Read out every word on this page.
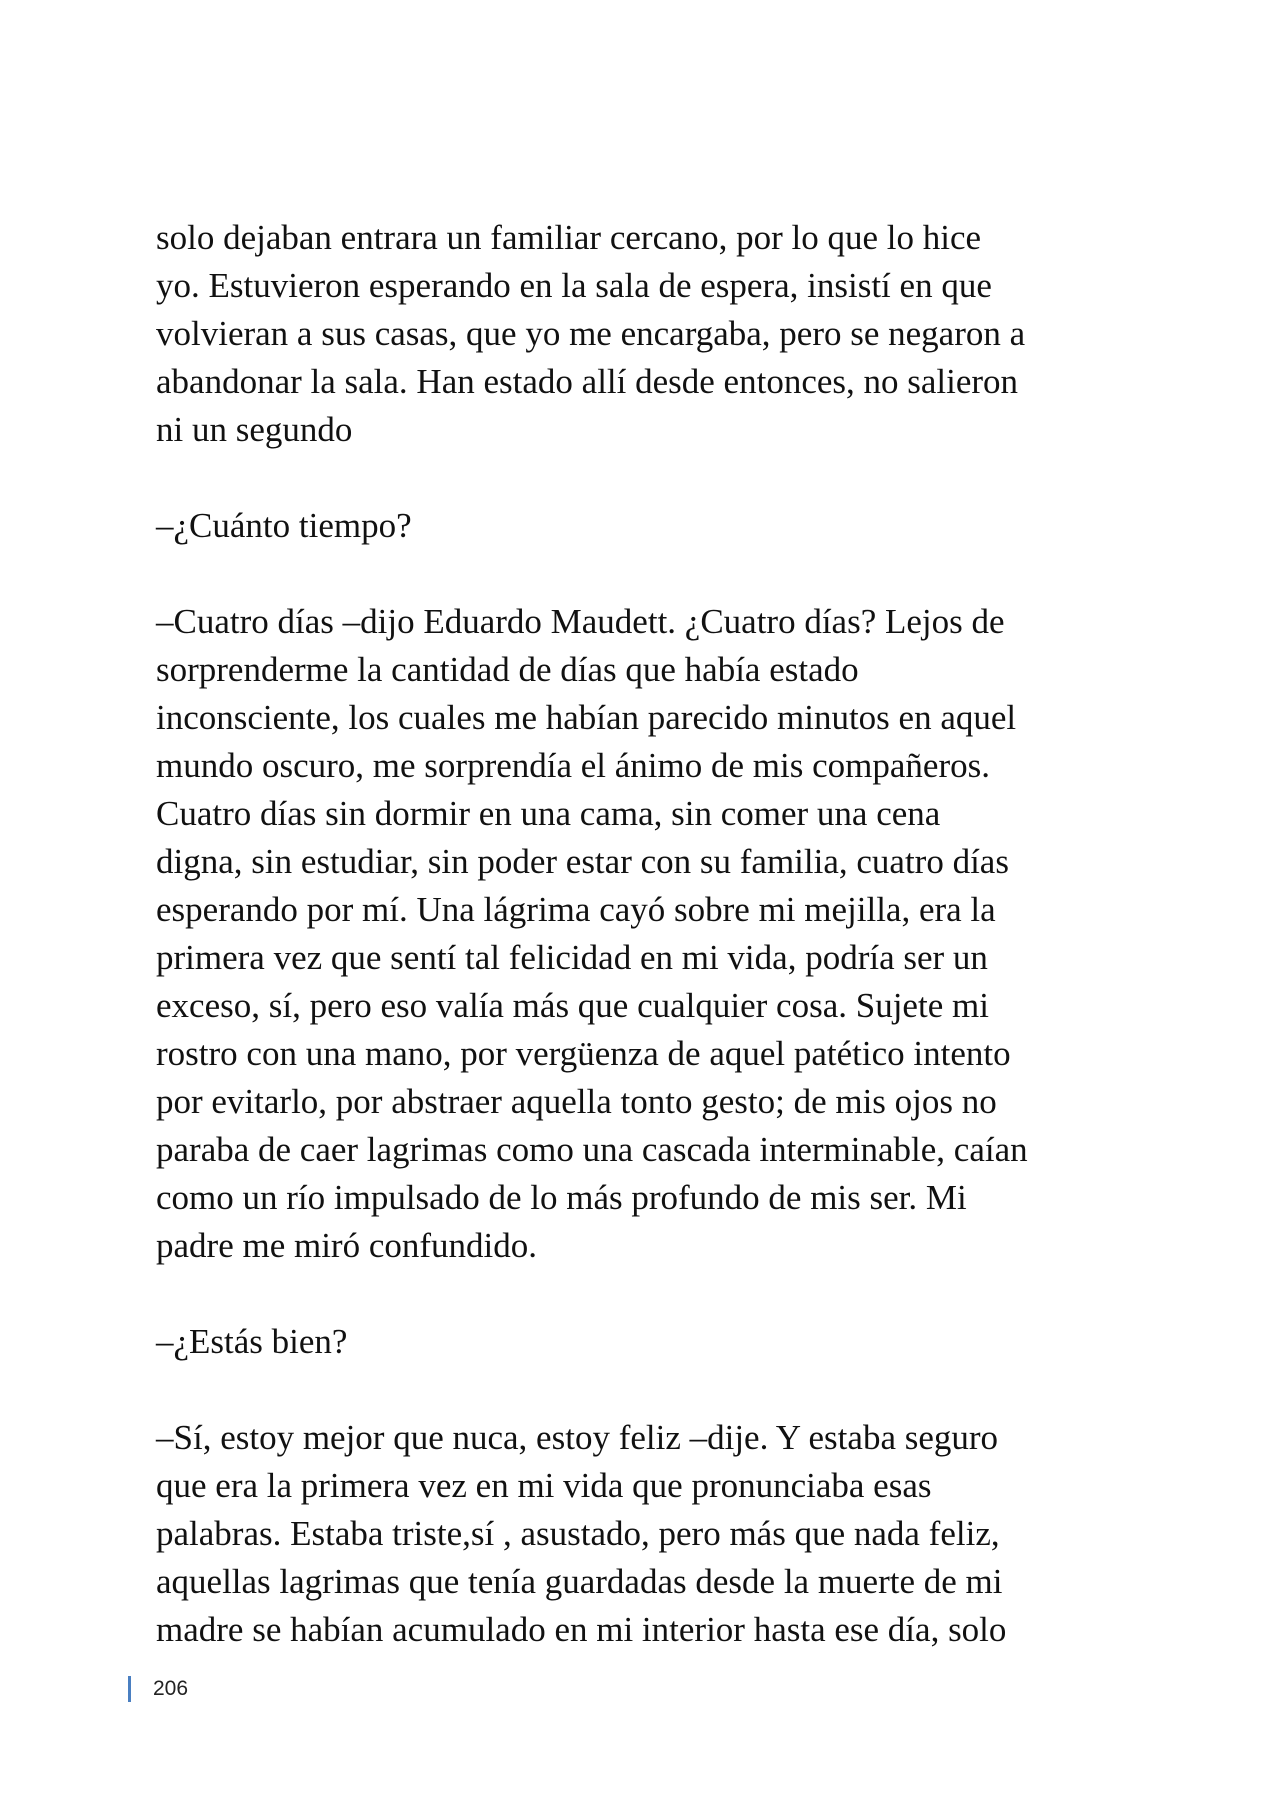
solo dejaban entrara un familiar cercano, por lo que lo hice
yo. Estuvieron esperando en la sala de espera, insistí en que
volvieran a sus casas, que yo me encargaba, pero se negaron a
abandonar la sala. Han estado allí desde entonces, no salieron
ni un segundo

–¿Cuánto tiempo?

–Cuatro días –dijo Eduardo Maudett. ¿Cuatro días? Lejos de
sorprenderme la cantidad de días que había estado
inconsciente, los cuales me habían parecido minutos en aquel
mundo oscuro, me sorprendía el ánimo de mis compañeros.
Cuatro días sin dormir en una cama, sin comer una cena
digna, sin estudiar, sin poder estar con su familia, cuatro días
esperando por mí. Una lágrima cayó sobre mi mejilla, era la
primera vez que sentí tal felicidad en mi vida, podría ser un
exceso, sí, pero eso valía más que cualquier cosa. Sujete mi
rostro con una mano, por vergüenza de aquel patético intento
por evitarlo, por abstraer aquella tonto gesto; de mis ojos no
paraba de caer lagrimas como una cascada interminable, caían
como un río impulsado de lo más profundo de mis ser. Mi
padre me miró confundido.

–¿Estás bien?

–Sí, estoy mejor que nuca, estoy feliz –dije. Y estaba seguro
que era la primera vez en mi vida que pronunciaba esas
palabras. Estaba triste,sí , asustado, pero más que nada feliz,
aquellas lagrimas que tenía guardadas desde la muerte de mi
madre se habían acumulado en mi interior hasta ese día, solo

206
